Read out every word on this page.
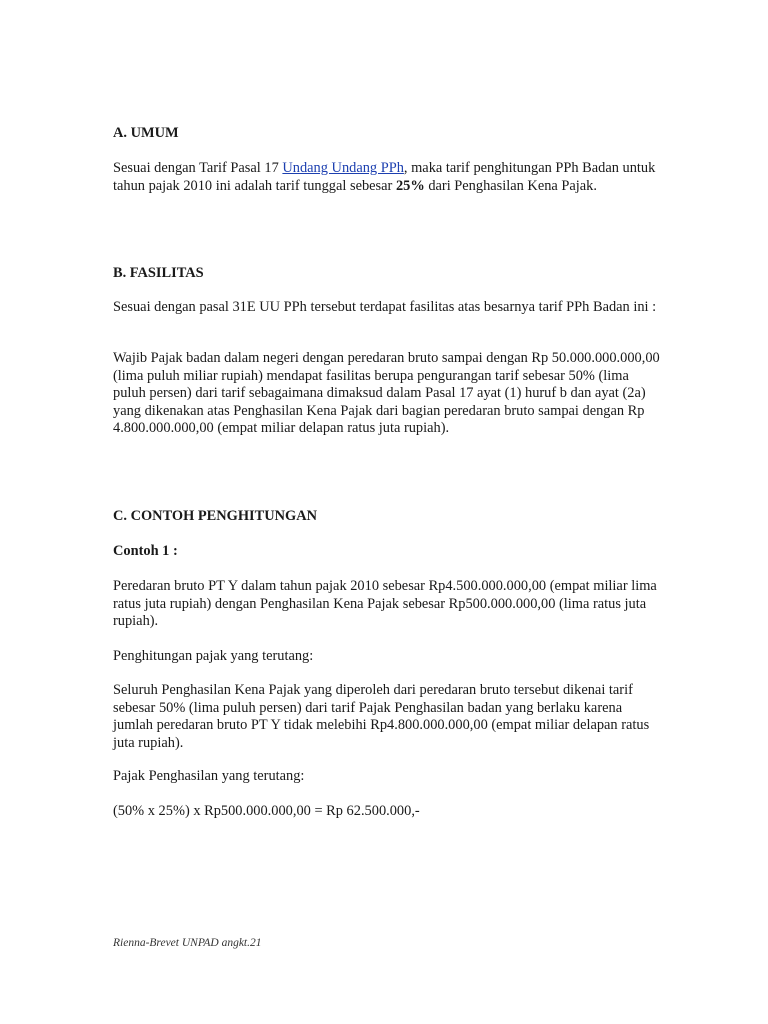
A. UMUM
Sesuai dengan Tarif Pasal 17 Undang Undang PPh, maka tarif penghitungan PPh Badan untuk tahun pajak 2010 ini adalah tarif tunggal sebesar 25% dari Penghasilan Kena Pajak.
B. FASILITAS
Sesuai dengan pasal 31E UU PPh tersebut terdapat fasilitas atas besarnya tarif PPh Badan ini :
Wajib Pajak badan dalam negeri dengan peredaran bruto sampai dengan Rp 50.000.000.000,00 (lima puluh miliar rupiah) mendapat fasilitas berupa pengurangan tarif sebesar 50% (lima puluh persen) dari tarif sebagaimana dimaksud dalam Pasal 17 ayat (1) huruf b dan ayat (2a) yang dikenakan atas Penghasilan Kena Pajak dari bagian peredaran bruto sampai dengan Rp 4.800.000.000,00 (empat miliar delapan ratus juta rupiah).
C. CONTOH PENGHITUNGAN
Contoh 1 :
Peredaran bruto PT Y dalam tahun pajak 2010 sebesar Rp4.500.000.000,00 (empat miliar lima ratus juta rupiah) dengan Penghasilan Kena Pajak sebesar Rp500.000.000,00 (lima ratus juta rupiah).
Penghitungan pajak yang terutang:
Seluruh Penghasilan Kena Pajak yang diperoleh dari peredaran bruto tersebut dikenai tarif sebesar 50% (lima puluh persen) dari tarif Pajak Penghasilan badan yang berlaku karena jumlah peredaran bruto PT Y tidak melebihi Rp4.800.000.000,00 (empat miliar delapan ratus juta rupiah).
Pajak Penghasilan yang terutang:
(50% x 25%) x Rp500.000.000,00 = Rp 62.500.000,-
Rienna-Brevet UNPAD angkt.21
